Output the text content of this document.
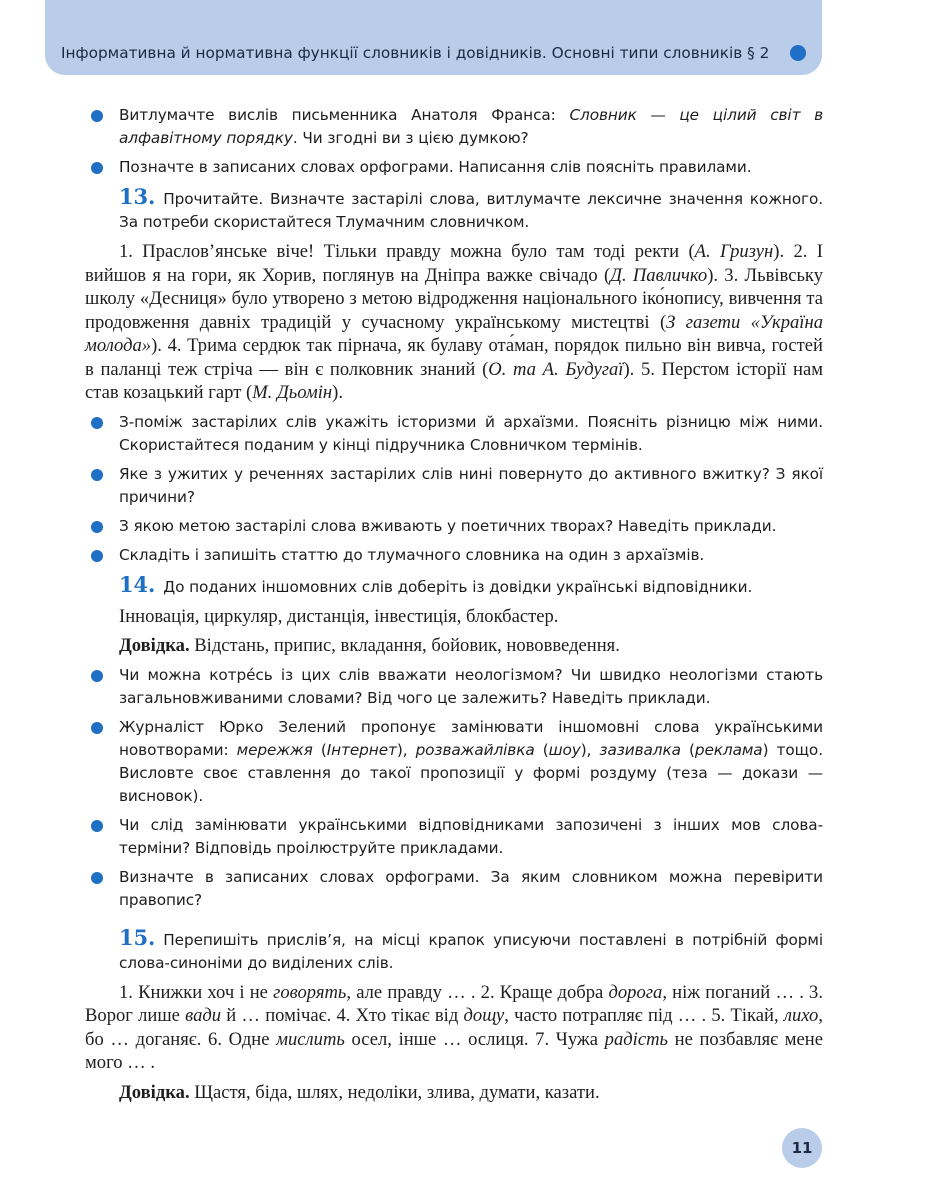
Інформативна й нормативна функції словників і довідників. Основні типи словників § 2

Витлумачте вислів письменника Анатоля Франса: Словник — це цілий світ в алфавітному порядку. Чи згодні ви з цією думкою?

Позначте в записаних словах орфограми. Написання слів поясніть правилами.

13. Прочитайте. Визначте застарілі слова, витлумачте лексичне значення кожного. За потреби скористайтеся Тлумачним словничком.

1. Праслов’янське віче! Тільки правду можна було там тоді ректи (А. Гризун). 2. І вийшов я на гори, як Хорив, поглянув на Дніпра важке свічадо (Д. Павличко). 3. Львівську школу «Десниця» було утворено з метою відродження національного іко́нопису, вивчення та продовження давніх традицій у сучасному українському мистецтві (З газети «Україна молода»). 4. Трима сердюк так пірнача, як булаву ота́ман, порядок пильно він вивча, гостей в паланці теж стріча — він є полковник знаний (О. та А. Будугаї). 5. Перстом історії нам став козацький гарт (М. Дьомін).

З-поміж застарілих слів укажіть історизми й архаїзми. Поясніть різницю між ними. Скористайтеся поданим у кінці підручника Словничком термінів.

Яке з ужитих у реченнях застарілих слів нині повернуто до активного вжитку? З якої причини?

З якою метою застарілі слова вживають у поетичних творах? Наведіть приклади.

Складіть і запишіть статтю до тлумачного словника на один з архаїзмів.

14. До поданих іншомовних слів доберіть із довідки українські відповідники.

Інновація, циркуляр, дистанція, інвестиція, блокбастер.

Довідка. Відстань, припис, вкладання, бойовик, нововведення.

Чи можна котре́сь із цих слів вважати неологізмом? Чи швидко неологізми стають загальновживаними словами? Від чого це залежить? Наведіть приклади.

Журналіст Юрко Зелений пропонує замінювати іншомовні слова українськими новотворами: мережжя (Інтернет), розважайлівка (шоу), зазивалка (реклама) тощо. Висловте своє ставлення до такої пропозиції у формі роздуму (теза — докази — висновок).

Чи слід замінювати українськими відповідниками запозичені з інших мов слова-терміни? Відповідь проілюструйте прикладами.

Визначте в записаних словах орфограми. За яким словником можна перевірити правопис?

15. Перепишіть прислів’я, на місці крапок уписуючи поставлені в потрібній формі слова-синоніми до виділених слів.

1. Книжки хоч і не говорять, але правду … . 2. Краще добра дорога, ніж поганий … . 3. Ворог лише вади й … помічає. 4. Хто тікає від дощу, часто потрапляє під … . 5. Тікай, лихо, бо … доганяє. 6. Одне мислить осел, інше … ослиця. 7. Чужа радість не позбавляє мене мого … .

Довідка. Щастя, біда, шлях, недоліки, злива, думати, казати.

11
